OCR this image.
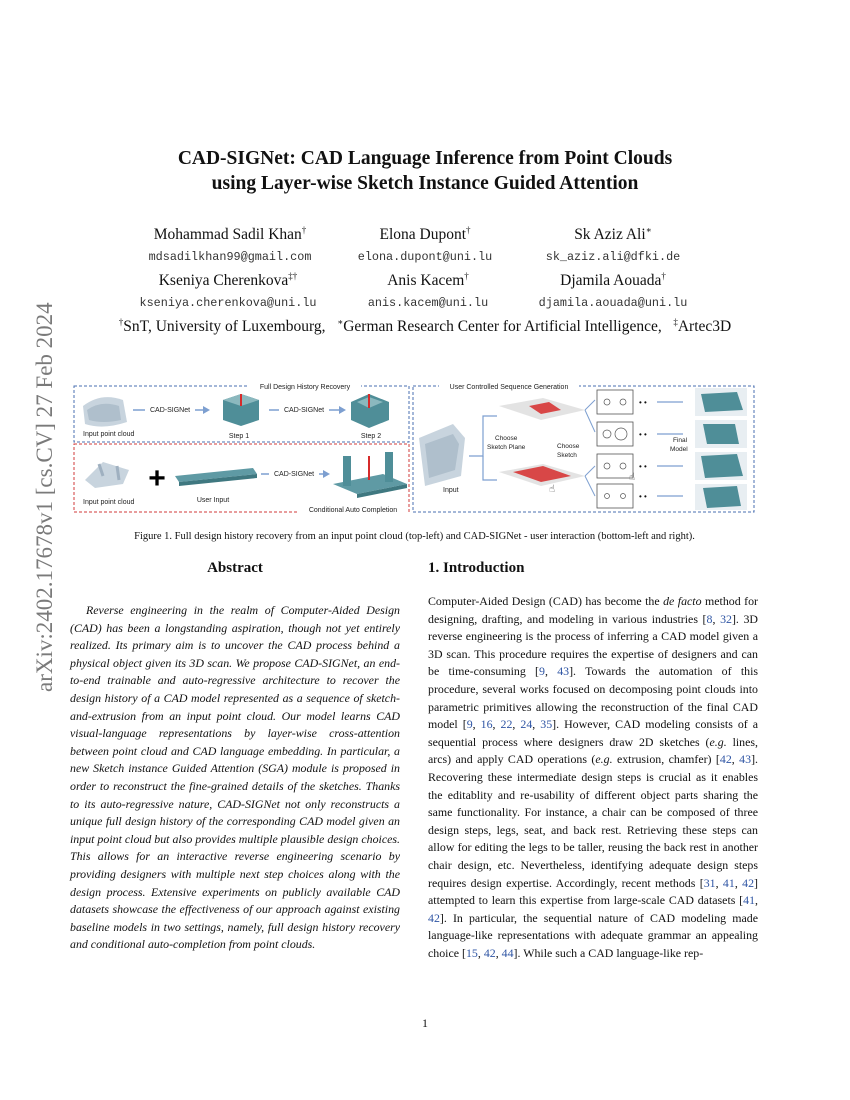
arXiv:2402.17678v1 [cs.CV] 27 Feb 2024
CAD-SIGNet: CAD Language Inference from Point Clouds
using Layer-wise Sketch Instance Guided Attention
Mohammad Sadil Khan†
mdsadilkhan99@gmail.com
Elona Dupont†
elona.dupont@uni.lu
Sk Aziz Ali∗
sk_aziz.ali@dfki.de
Kseniya Cherenkova‡†
kseniya.cherenkova@uni.lu
Anis Kacem†
anis.kacem@uni.lu
Djamila Aouada†
djamila.aouada@uni.lu
†SnT, University of Luxembourg, ∗German Research Center for Artificial Intelligence, ‡Artec3D
Full Design History Recovery
Input point cloud
CAD-SIGNet
Step 1
CAD-SIGNet
Step 2
Input point cloud
+
User Input
CAD-SIGNet
Conditional Auto Completion
User Controlled Sequence Generation
Input
Choose
Sketch Plane	Choose
Sketch
☝
☝
• •
• •
• •
• •
Final
Model
Figure 1. Full design history recovery from an input point cloud (top-left) and CAD-SIGNet - user interaction (bottom-left and right).
Abstract
Reverse engineering in the realm of Computer-Aided Design (CAD) has been a longstanding aspiration, though not yet entirely realized. Its primary aim is to uncover the CAD process behind a physical object given its 3D scan. We propose CAD-SIGNet, an end-to-end trainable and auto-regressive architecture to recover the design history of a CAD model represented as a sequence of sketch-and-extrusion from an input point cloud. Our model learns CAD visual-language representations by layer-wise cross-attention between point cloud and CAD language embedding. In particular, a new Sketch instance Guided Attention (SGA) module is proposed in order to reconstruct the fine-grained details of the sketches. Thanks to its auto-regressive nature, CAD-SIGNet not only reconstructs a unique full design history of the corresponding CAD model given an input point cloud but also provides multiple plausible design choices. This allows for an interactive reverse engineering scenario by providing designers with multiple next step choices along with the design process. Extensive experiments on publicly available CAD datasets showcase the effectiveness of our approach against existing baseline models in two settings, namely, full design history recovery and conditional auto-completion from point clouds.
1. Introduction
Computer-Aided Design (CAD) has become the de facto method for designing, drafting, and modeling in various industries [8, 32]. 3D reverse engineering is the process of inferring a CAD model given a 3D scan. This procedure requires the expertise of designers and can be time-consuming [9, 43]. Towards the automation of this procedure, several works focused on decomposing point clouds into parametric primitives allowing the reconstruction of the final CAD model [9, 16, 22, 24, 35]. However, CAD modeling consists of a sequential process where designers draw 2D sketches (e.g. lines, arcs) and apply CAD operations (e.g. extrusion, chamfer) [42, 43]. Recovering these intermediate design steps is crucial as it enables the editablity and re-usability of different object parts sharing the same functionality. For instance, a chair can be composed of three design steps, legs, seat, and back rest. Retrieving these steps can allow for editing the legs to be taller, reusing the back rest in another chair design, etc. Nevertheless, identifying adequate design steps requires design expertise. Accordingly, recent methods [31, 41, 42] attempted to learn this expertise from large-scale CAD datasets [41, 42]. In particular, the sequential nature of CAD modeling made language-like representations with adequate grammar an appealing choice [15, 42, 44]. While such a CAD language-like rep-
1
